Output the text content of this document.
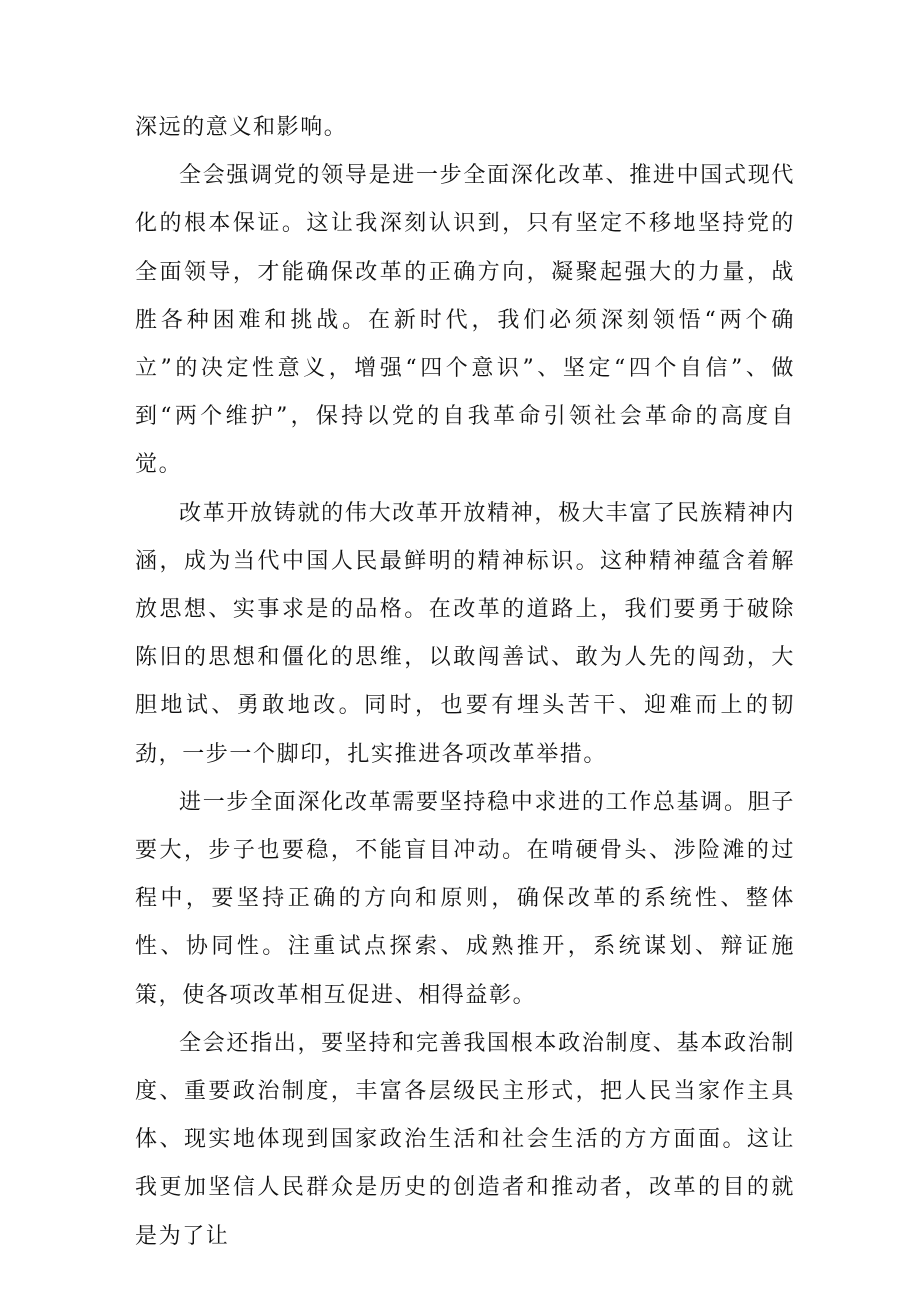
深远的意义和影响。

全会强调党的领导是进一步全面深化改革、推进中国式现代化的根本保证。这让我深刻认识到，只有坚定不移地坚持党的全面领导，才能确保改革的正确方向，凝聚起强大的力量，战胜各种困难和挑战。在新时代，我们必须深刻领悟“两个确立”的决定性意义，增强“四个意识”、坚定“四个自信”、做到“两个维护”，保持以党的自我革命引领社会革命的高度自觉。

改革开放铸就的伟大改革开放精神，极大丰富了民族精神内涵，成为当代中国人民最鲜明的精神标识。这种精神蕴含着解放思想、实事求是的品格。在改革的道路上，我们要勇于破除陈旧的思想和僵化的思维，以敢闯善试、敢为人先的闯劲，大胆地试、勇敢地改。同时，也要有埋头苦干、迎难而上的韧劲，一步一个脚印，扎实推进各项改革举措。

进一步全面深化改革需要坚持稳中求进的工作总基调。胆子要大，步子也要稳，不能盲目冲动。在啃硬骨头、涉险滩的过程中，要坚持正确的方向和原则，确保改革的系统性、整体性、协同性。注重试点探索、成熟推开，系统谋划、辩证施策，使各项改革相互促进、相得益彰。

全会还指出，要坚持和完善我国根本政治制度、基本政治制度、重要政治制度，丰富各层级民主形式，把人民当家作主具体、现实地体现到国家政治生活和社会生活的方方面面。这让我更加坚信人民群众是历史的创造者和推动者，改革的目的就是为了让
